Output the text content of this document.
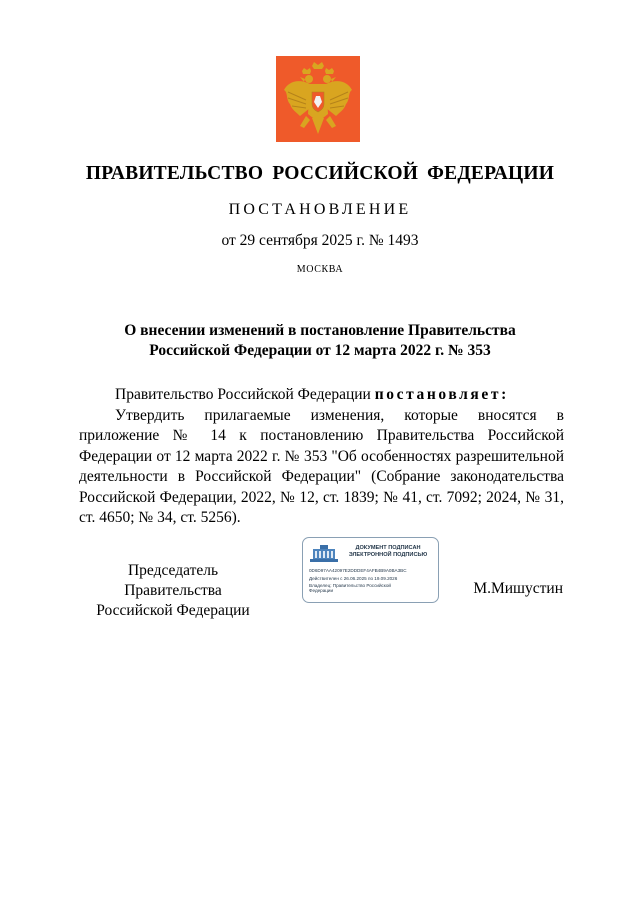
ПРАВИТЕЛЬСТВО РОССИЙСКОЙ ФЕДЕРАЦИИ
ПОСТАНОВЛЕНИЕ
от 29 сентября 2025 г. № 1493
МОСКВА
О внесении изменений в постановление Правительства
Российской Федерации от 12 марта 2022 г. № 353
Правительство Российской Федерации постановляет:
Утвердить прилагаемые изменения, которые вносятся в приложение № 14 к постановлению Правительства Российской Федерации от 12 марта 2022 г. № 353 "Об особенностях разрешительной деятельности в Российской Федерации" (Собрание законодательства Российской Федерации, 2022, № 12, ст. 1839; № 41, ст. 7092; 2024, № 31, ст. 4650; № 34, ст. 5256).
Председатель Правительства
Российской Федерации
ДОКУМЕНТ ПОДПИСАН
ЭЛЕКТРОННОЙ ПОДПИСЬЮ
0D6D97AA42097E2DDDEF4AFB4B9A0BA3BC
Действителен с 26.06.2025 по 19.09.2026
Владелец: Правительство Российской
Федерации	М.Мишустин
